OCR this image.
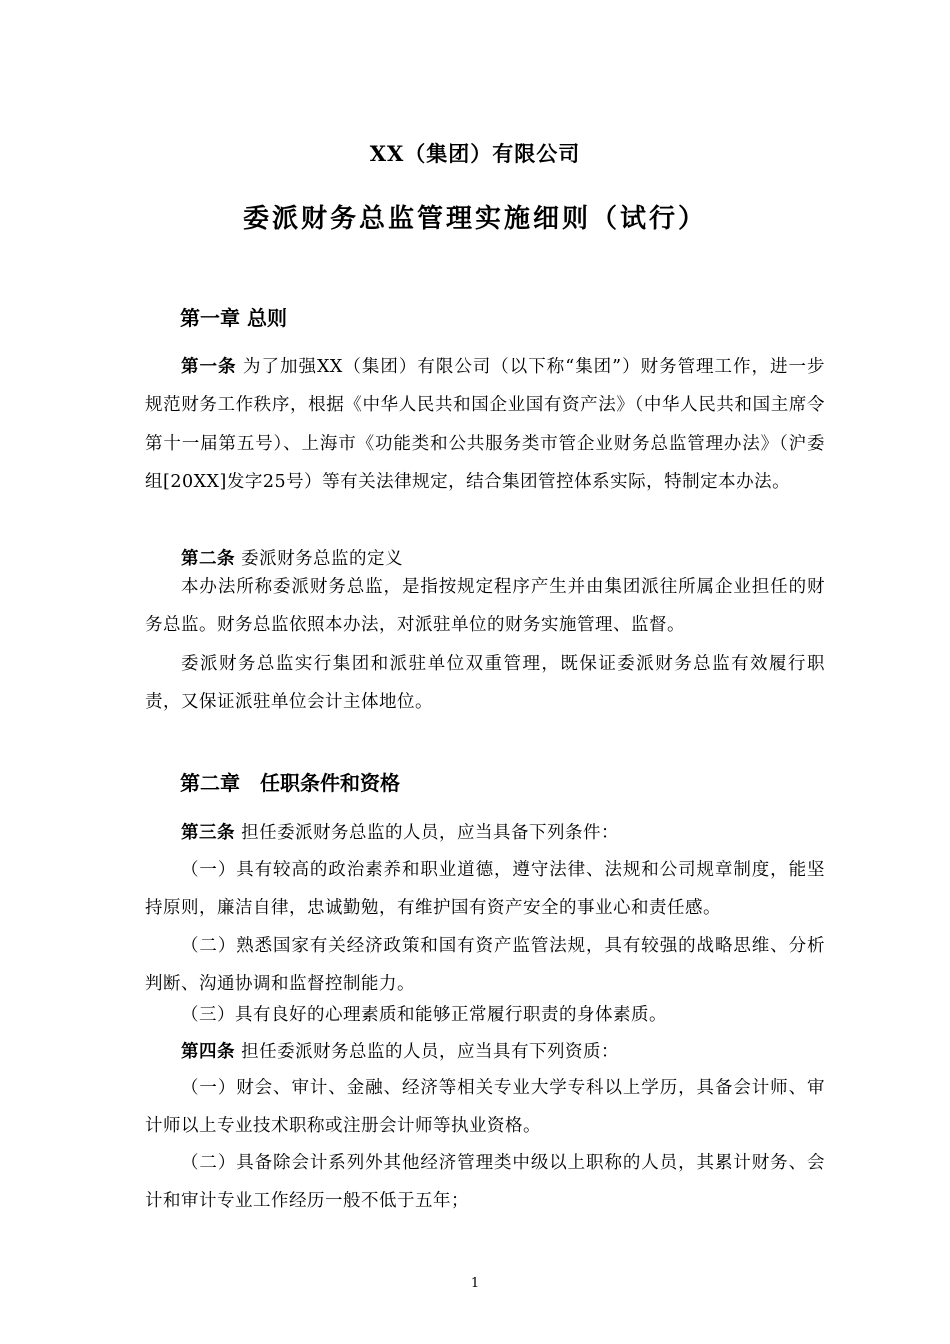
XX（集团）有限公司
委派财务总监管理实施细则（试行）
第一章 总则
第一条 为了加强XX（集团）有限公司（以下称“集团”）财务管理工作，进一步规范财务工作秩序，根据《中华人民共和国企业国有资产法》（中华人民共和国主席令第十一届第五号）、上海市《功能类和公共服务类市管企业财务总监管理办法》（沪委组[20XX]发字25号）等有关法律规定，结合集团管控体系实际，特制定本办法。
第二条 委派财务总监的定义
本办法所称委派财务总监，是指按规定程序产生并由集团派往所属企业担任的财务总监。财务总监依照本办法，对派驻单位的财务实施管理、监督。
委派财务总监实行集团和派驻单位双重管理，既保证委派财务总监有效履行职责，又保证派驻单位会计主体地位。
第二章　任职条件和资格
第三条 担任委派财务总监的人员，应当具备下列条件：
（一）具有较高的政治素养和职业道德，遵守法律、法规和公司规章制度，能坚持原则，廉洁自律，忠诚勤勉，有维护国有资产安全的事业心和责任感。
（二）熟悉国家有关经济政策和国有资产监管法规，具有较强的战略思维、分析判断、沟通协调和监督控制能力。
（三）具有良好的心理素质和能够正常履行职责的身体素质。
第四条 担任委派财务总监的人员，应当具有下列资质：
（一）财会、审计、金融、经济等相关专业大学专科以上学历，具备会计师、审计师以上专业技术职称或注册会计师等执业资格。
（二）具备除会计系列外其他经济管理类中级以上职称的人员，其累计财务、会计和审计专业工作经历一般不低于五年；
1
